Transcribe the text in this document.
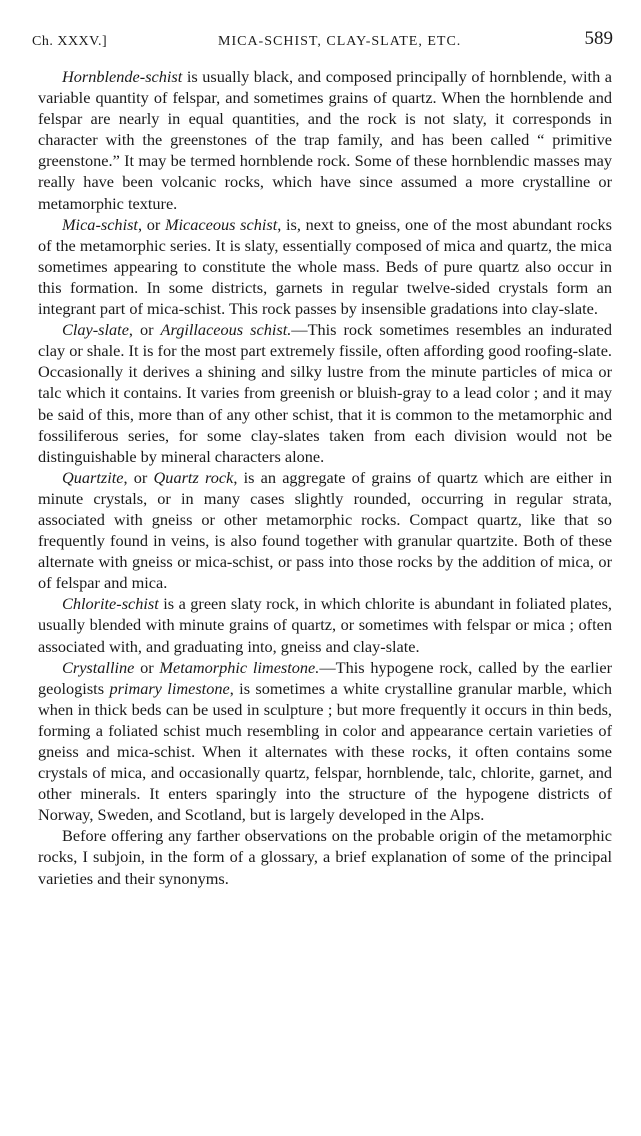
Ch. XXXV.]	MICA-SCHIST, CLAY-SLATE, ETC.	589

Hornblende-schist is usually black, and composed principally of hornblende, with a variable quantity of felspar, and sometimes grains of quartz. When the hornblende and felspar are nearly in equal quantities, and the rock is not slaty, it corresponds in character with the greenstones of the trap family, and has been called “ primitive greenstone.” It may be termed hornblende rock. Some of these hornblendic masses may really have been volcanic rocks, which have since assumed a more crystalline or metamorphic texture.

Mica-schist, or Micaceous schist, is, next to gneiss, one of the most abundant rocks of the metamorphic series. It is slaty, essentially composed of mica and quartz, the mica sometimes appearing to constitute the whole mass. Beds of pure quartz also occur in this formation. In some districts, garnets in regular twelve-sided crystals form an integrant part of mica-schist. This rock passes by insensible gradations into clay-slate.

Clay-slate, or Argillaceous schist.—This rock sometimes resembles an indurated clay or shale. It is for the most part extremely fissile, often affording good roofing-slate. Occasionally it derives a shining and silky lustre from the minute particles of mica or talc which it contains. It varies from greenish or bluish-gray to a lead color ; and it may be said of this, more than of any other schist, that it is common to the metamorphic and fossiliferous series, for some clay-slates taken from each division would not be distinguishable by mineral characters alone.

Quartzite, or Quartz rock, is an aggregate of grains of quartz which are either in minute crystals, or in many cases slightly rounded, occurring in regular strata, associated with gneiss or other metamorphic rocks. Compact quartz, like that so frequently found in veins, is also found together with granular quartzite. Both of these alternate with gneiss or mica-schist, or pass into those rocks by the addition of mica, or of felspar and mica.

Chlorite-schist is a green slaty rock, in which chlorite is abundant in foliated plates, usually blended with minute grains of quartz, or sometimes with felspar or mica ; often associated with, and graduating into, gneiss and clay-slate.

Crystalline or Metamorphic limestone.—This hypogene rock, called by the earlier geologists primary limestone, is sometimes a white crystalline granular marble, which when in thick beds can be used in sculpture ; but more frequently it occurs in thin beds, forming a foliated schist much resembling in color and appearance certain varieties of gneiss and mica-schist. When it alternates with these rocks, it often contains some crystals of mica, and occasionally quartz, felspar, hornblende, talc, chlorite, garnet, and other minerals. It enters sparingly into the structure of the hypogene districts of Norway, Sweden, and Scotland, but is largely developed in the Alps.

Before offering any farther observations on the probable origin of the metamorphic rocks, I subjoin, in the form of a glossary, a brief explanation of some of the principal varieties and their synonyms.
